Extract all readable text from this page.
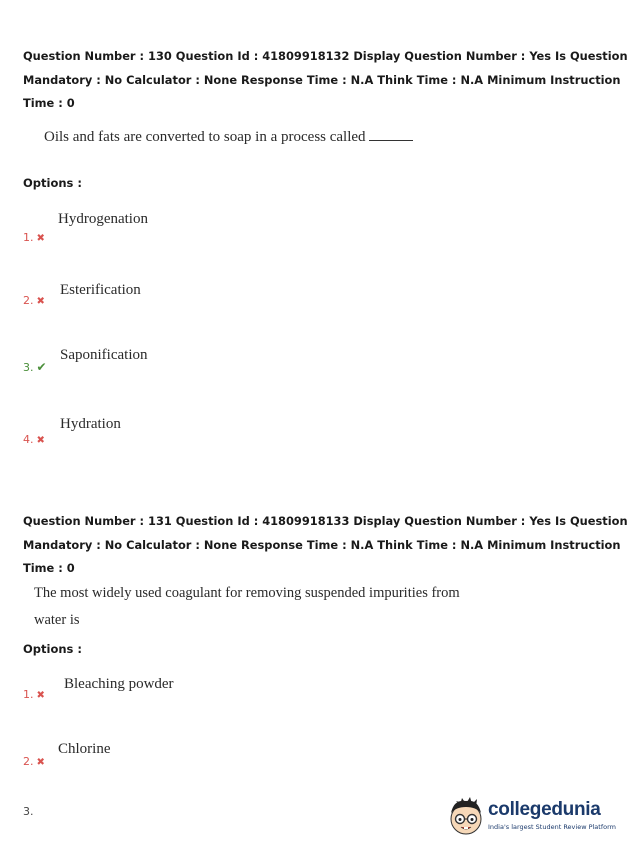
Question Number : 130 Question Id : 41809918132 Display Question Number : Yes Is Question
Mandatory : No Calculator : None Response Time : N.A Think Time : N.A Minimum Instruction
Time : 0
Oils and fats are converted to soap in a process called
Options :
Hydrogenation
1. ✖
Esterification
2. ✖
Saponification
3. ✔
Hydration
4. ✖
Question Number : 131 Question Id : 41809918133 Display Question Number : Yes Is Question
Mandatory : No Calculator : None Response Time : N.A Think Time : N.A Minimum Instruction
Time : 0
The most widely used coagulant for removing suspended impurities from
water is
Options :
Bleaching powder
1. ✖
Chlorine
2. ✖
3.	collegedunia
India's largest Student Review Platform
